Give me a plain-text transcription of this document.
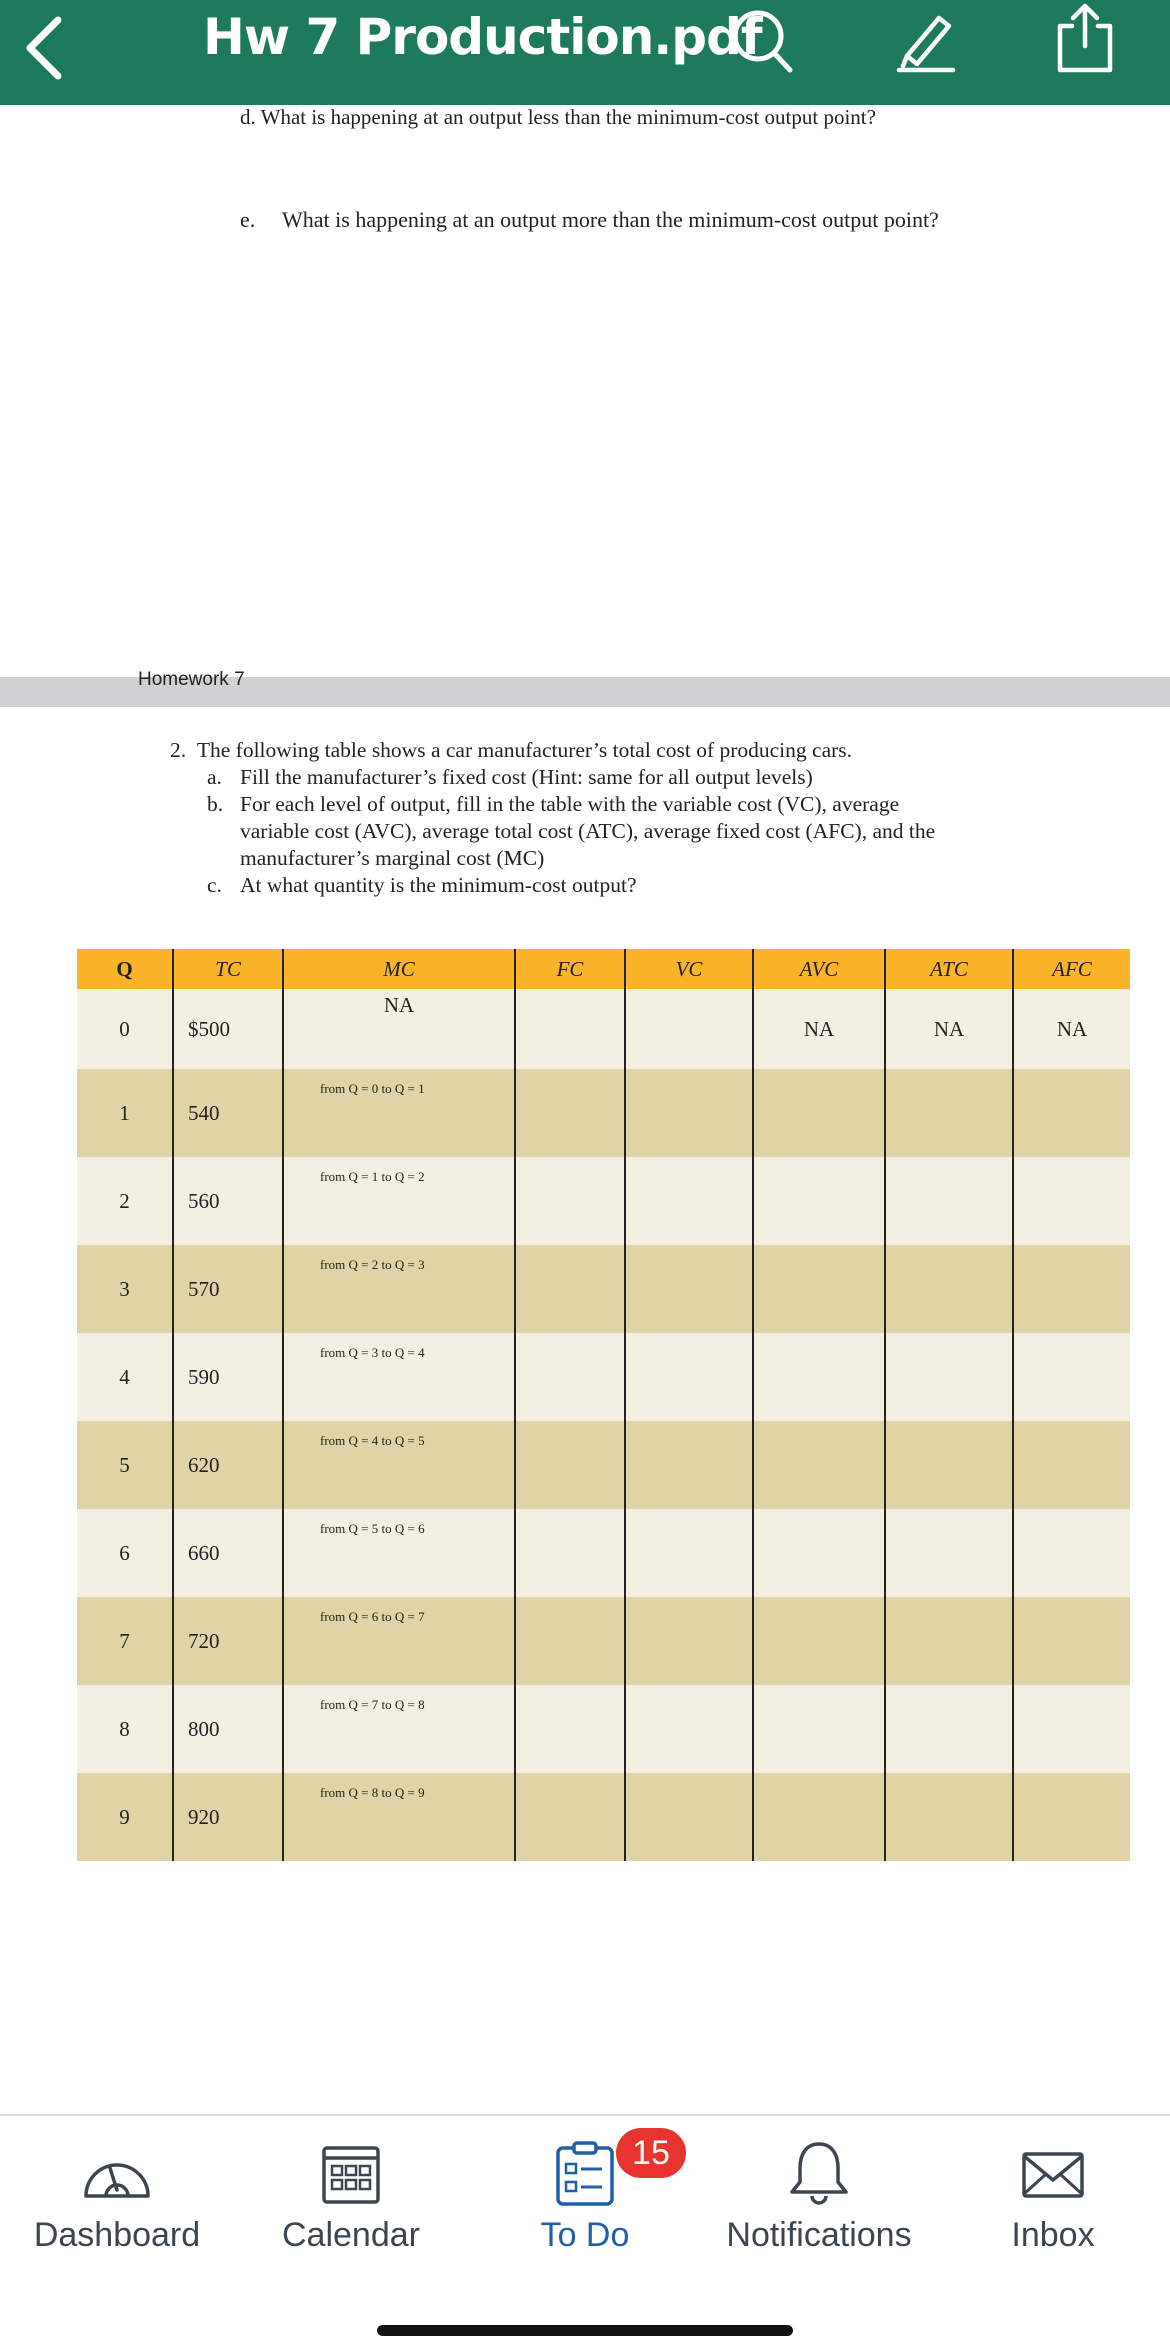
Hw 7 Production.pdf
d. What is happening at an output less than the minimum-cost output point?
e. What is happening at an output more than the minimum-cost output point?
Homework 7
2. The following table shows a car manufacturer’s total cost of producing cars.
a. Fill the manufacturer’s fixed cost (Hint: same for all output levels)
b. For each level of output, fill in the table with the variable cost (VC), average
variable cost (AVC), average total cost (ATC), average fixed cost (AFC), and the
manufacturer’s marginal cost (MC)
c. At what quantity is the minimum-cost output?
Q	TC	MC	FC	VC	AVC	ATC	AFC
0	$500	NA			NA	NA	NA
1	540	from Q = 0 to Q = 1					
2	560	from Q = 1 to Q = 2					
3	570	from Q = 2 to Q = 3					
4	590	from Q = 3 to Q = 4					
5	620	from Q = 4 to Q = 5					
6	660	from Q = 5 to Q = 6					
7	720	from Q = 6 to Q = 7					
8	800	from Q = 7 to Q = 8					
9	920	from Q = 8 to Q = 9					
Dashboard	Calendar	To Do
15
Notifications	Inbox
